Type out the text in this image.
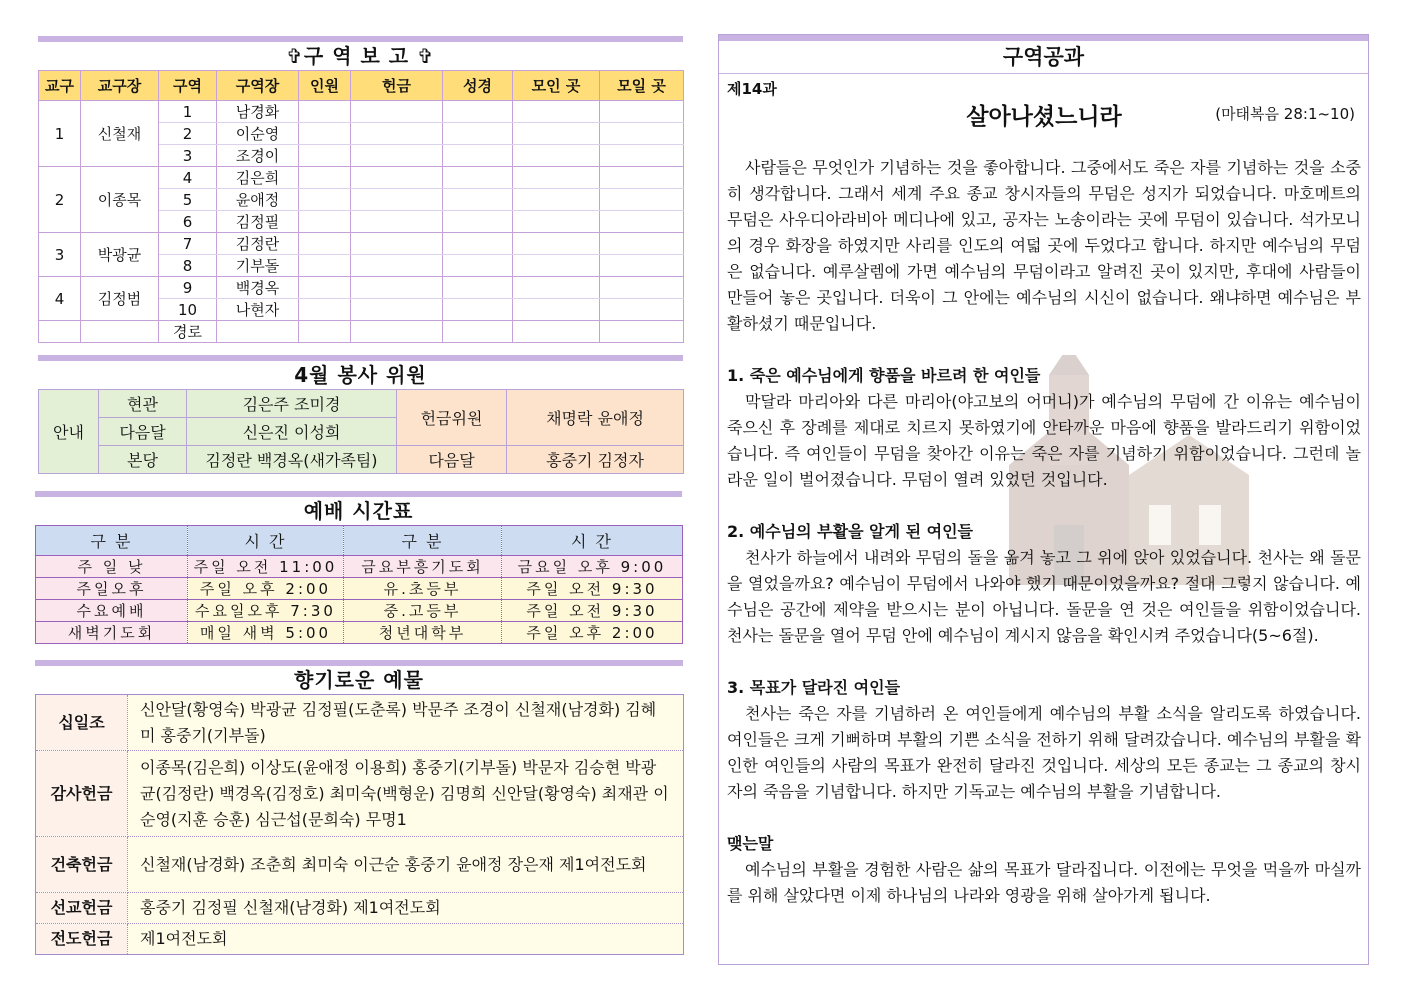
✞구 역 보 고 ✞
교구	교구장	구역	구역장	인원	헌금	성경	모인 곳	모일 곳
1	신철재	1	남경화					
		2	이순영					
		3	조경이					
2	이종목	4	김은희					
		5	윤애정					
		6	김정필					
3	박광균	7	김정란					
		8	기부돌					
4	김정범	9	백경옥					
		10	나현자					
		경로						
4월 봉사 위원
안내	현관	김은주 조미경	헌금위원	채명락 윤애정
	다음달	신은진 이성희		
	본당	김정란 백경옥(새가족팀)	다음달	홍중기 김정자
예배 시간표
구 분	시 간	구 분	시 간
주 일 낮	주일 오전 11:00	금요부흥기도회	금요일 오후 9:00
주일오후	주일 오후 2:00	유.초등부	주일 오전 9:30
수요예배	수요일오후 7:30	중.고등부	주일 오전 9:30
새벽기도회	매일 새벽 5:00	청년대학부	주일 오후 2:00
향기로운 예물
십일조	신안달(황영숙) 박광균 김정필(도춘록) 박문주 조경이 신철재(남경화) 김혜미 홍중기(기부돌)
감사헌금	이종목(김은희) 이상도(윤애정 이용희) 홍중기(기부돌) 박문자 김승현 박광균(김정란) 백경옥(김정호) 최미숙(백형운) 김명희 신안달(황영숙) 최재관 이순영(지훈 승훈) 심근섭(문희숙) 무명1
건축헌금	신철재(남경화) 조춘희 최미숙 이근순 홍중기 윤애정 장은재 제1여전도회
선교헌금	홍중기 김정필 신철재(남경화) 제1여전도회
전도헌금	제1여전도회
구역공과
제14과
살아나셨느니라	(마태복음 28:1~10)

사람들은 무엇인가 기념하는 것을 좋아합니다. 그중에서도 죽은 자를 기념하는 것을 소중히 생각합니다. 그래서 세계 주요 종교 창시자들의 무덤은 성지가 되었습니다. 마호메트의 무덤은 사우디아라비아 메디나에 있고, 공자는 노송이라는 곳에 무덤이 있습니다. 석가모니의 경우 화장을 하였지만 사리를 인도의 여덟 곳에 두었다고 합니다. 하지만 예수님의 무덤은 없습니다. 예루살렘에 가면 예수님의 무덤이라고 알려진 곳이 있지만, 후대에 사람들이 만들어 놓은 곳입니다. 더욱이 그 안에는 예수님의 시신이 없습니다. 왜냐하면 예수님은 부활하셨기 때문입니다.

1. 죽은 예수님에게 향품을 바르려 한 여인들

막달라 마리아와 다른 마리아(야고보의 어머니)가 예수님의 무덤에 간 이유는 예수님이 죽으신 후 장례를 제대로 치르지 못하였기에 안타까운 마음에 향품을 발라드리기 위함이었습니다. 즉 여인들이 무덤을 찾아간 이유는 죽은 자를 기념하기 위함이었습니다. 그런데 놀라운 일이 벌어졌습니다. 무덤이 열려 있었던 것입니다.

2. 예수님의 부활을 알게 된 여인들

천사가 하늘에서 내려와 무덤의 돌을 옮겨 놓고 그 위에 앉아 있었습니다. 천사는 왜 돌문을 열었을까요? 예수님이 무덤에서 나와야 했기 때문이었을까요? 절대 그렇지 않습니다. 예수님은 공간에 제약을 받으시는 분이 아닙니다. 돌문을 연 것은 여인들을 위함이었습니다. 천사는 돌문을 열어 무덤 안에 예수님이 계시지 않음을 확인시켜 주었습니다(5~6절).

3. 목표가 달라진 여인들

천사는 죽은 자를 기념하러 온 여인들에게 예수님의 부활 소식을 알리도록 하였습니다. 여인들은 크게 기뻐하며 부활의 기쁜 소식을 전하기 위해 달려갔습니다. 예수님의 부활을 확인한 여인들의 사람의 목표가 완전히 달라진 것입니다. 세상의 모든 종교는 그 종교의 창시자의 죽음을 기념합니다. 하지만 기독교는 예수님의 부활을 기념합니다.

맺는말

예수님의 부활을 경험한 사람은 삶의 목표가 달라집니다. 이전에는 무엇을 먹을까 마실까를 위해 살았다면 이제 하나님의 나라와 영광을 위해 살아가게 됩니다.
